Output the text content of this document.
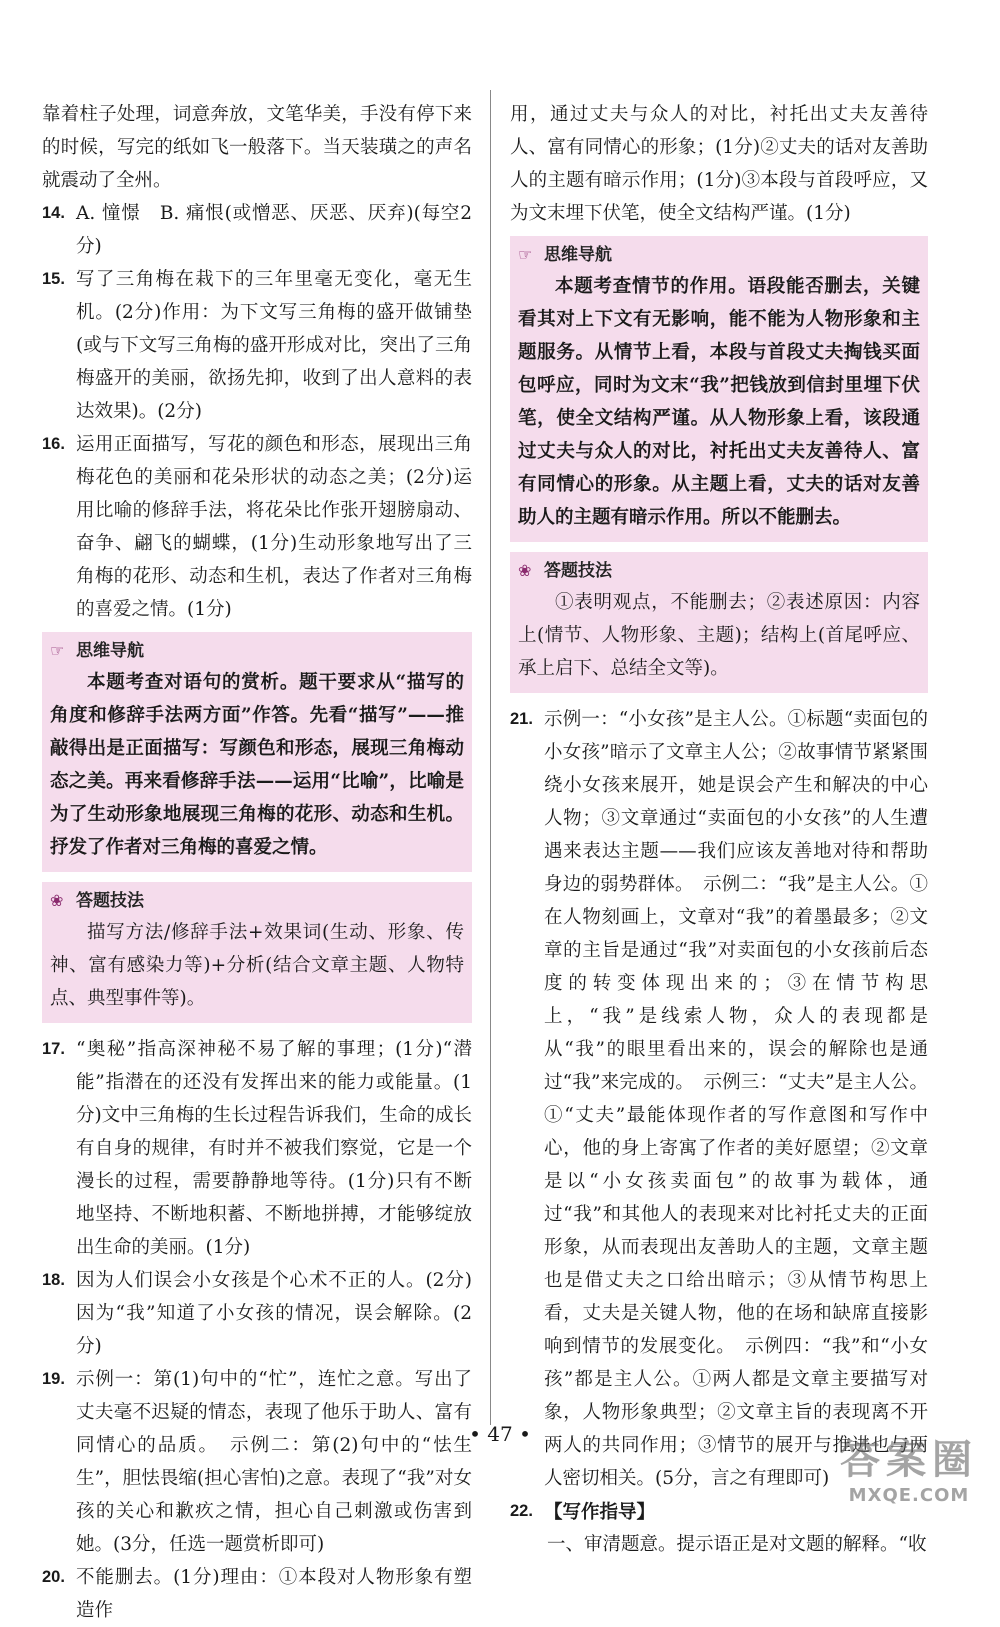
靠着柱子处理，词意奔放，文笔华美，手没有停下来的时候，写完的纸如飞一般落下。当天装璜之的声名就震动了全州。

14. A. 憧憬　B. 痛恨(或憎恶、厌恶、厌弃)(每空2分)
15. 写了三角梅在栽下的三年里毫无变化，毫无生机。(2分)作用：为下文写三角梅的盛开做铺垫(或与下文写三角梅的盛开形成对比，突出了三角梅盛开的美丽，欲扬先抑，收到了出人意料的表达效果)。(2分)
16. 运用正面描写，写花的颜色和形态，展现出三角梅花色的美丽和花朵形状的动态之美；(2分)运用比喻的修辞手法，将花朵比作张开翅膀扇动、奋争、翩飞的蝴蝶，(1分)生动形象地写出了三角梅的花形、动态和生机，表达了作者对三角梅的喜爱之情。(1分)
☞
思维导航
本题考查对语句的赏析。题干要求从“描写的角度和修辞手法两方面”作答。先看“描写”——推敲得出是正面描写：写颜色和形态，展现三角梅动态之美。再来看修辞手法——运用“比喻”，比喻是为了生动形象地展现三角梅的花形、动态和生机。抒发了作者对三角梅的喜爱之情。
❀
答题技法
描写方法/修辞手法+效果词(生动、形象、传神、富有感染力等)+分析(结合文章主题、人物特点、典型事件等)。
17. “奥秘”指高深神秘不易了解的事理；(1分)“潜能”指潜在的还没有发挥出来的能力或能量。(1分)文中三角梅的生长过程告诉我们，生命的成长有自身的规律，有时并不被我们察觉，它是一个漫长的过程，需要静静地等待。(1分)只有不断地坚持、不断地积蓄、不断地拼搏，才能够绽放出生命的美丽。(1分)
18. 因为人们误会小女孩是个心术不正的人。(2分)因为“我”知道了小女孩的情况，误会解除。(2分)
19. 示例一：第(1)句中的“忙”，连忙之意。写出了丈夫毫不迟疑的情态，表现了他乐于助人、富有同情心的品质。　示例二：第(2)句中的“怯生生”，胆怯畏缩(担心害怕)之意。表现了“我”对女孩的关心和歉疚之情，担心自己刺激或伤害到她。(3分，任选一题赏析即可)
20. 不能删去。(1分)理由：①本段对人物形象有塑造作

用，通过丈夫与众人的对比，衬托出丈夫友善待人、富有同情心的形象；(1分)②丈夫的话对友善助人的主题有暗示作用；(1分)③本段与首段呼应，又为文末埋下伏笔，使全文结构严谨。(1分)

☞
思维导航
本题考查情节的作用。语段能否删去，关键看其对上下文有无影响，能不能为人物形象和主题服务。从情节上看，本段与首段丈夫掏钱买面包呼应，同时为文末“我”把钱放到信封里埋下伏笔，使全文结构严谨。从人物形象上看，该段通过丈夫与众人的对比，衬托出丈夫友善待人、富有同情心的形象。从主题上看，丈夫的话对友善助人的主题有暗示作用。所以不能删去。
❀
答题技法
①表明观点，不能删去；②表述原因：内容上(情节、人物形象、主题)；结构上(首尾呼应、承上启下、总结全文等)。
21. 示例一：“小女孩”是主人公。①标题“卖面包的小女孩”暗示了文章主人公；②故事情节紧紧围绕小女孩来展开，她是误会产生和解决的中心人物；③文章通过“卖面包的小女孩”的人生遭遇来表达主题——我们应该友善地对待和帮助身边的弱势群体。　示例二：“我”是主人公。①在人物刻画上，文章对“我”的着墨最多；②文章的主旨是通过“我”对卖面包的小女孩前后态度的转变体现出来的；③在情节构思上，“我”是线索人物，众人的表现都是从“我”的眼里看出来的，误会的解除也是通过“我”来完成的。　示例三：“丈夫”是主人公。①“丈夫”最能体现作者的写作意图和写作中心，他的身上寄寓了作者的美好愿望；②文章是以“小女孩卖面包”的故事为载体，通过“我”和其他人的表现来对比衬托丈夫的正面形象，从而表现出友善助人的主题，文章主题也是借丈夫之口给出暗示；③从情节构思上看，丈夫是关键人物，他的在场和缺席直接影响到情节的发展变化。　示例四：“我”和“小女孩”都是主人公。①两人都是文章主要描写对象，人物形象典型；②文章主旨的表现离不开两人的共同作用；③情节的展开与推进也与两人密切相关。(5分，言之有理即可)
22. 【写作指导】

一、审清题意。提示语正是对文题的解释。“收

• 47 •
答案圈
MXQE.COM
